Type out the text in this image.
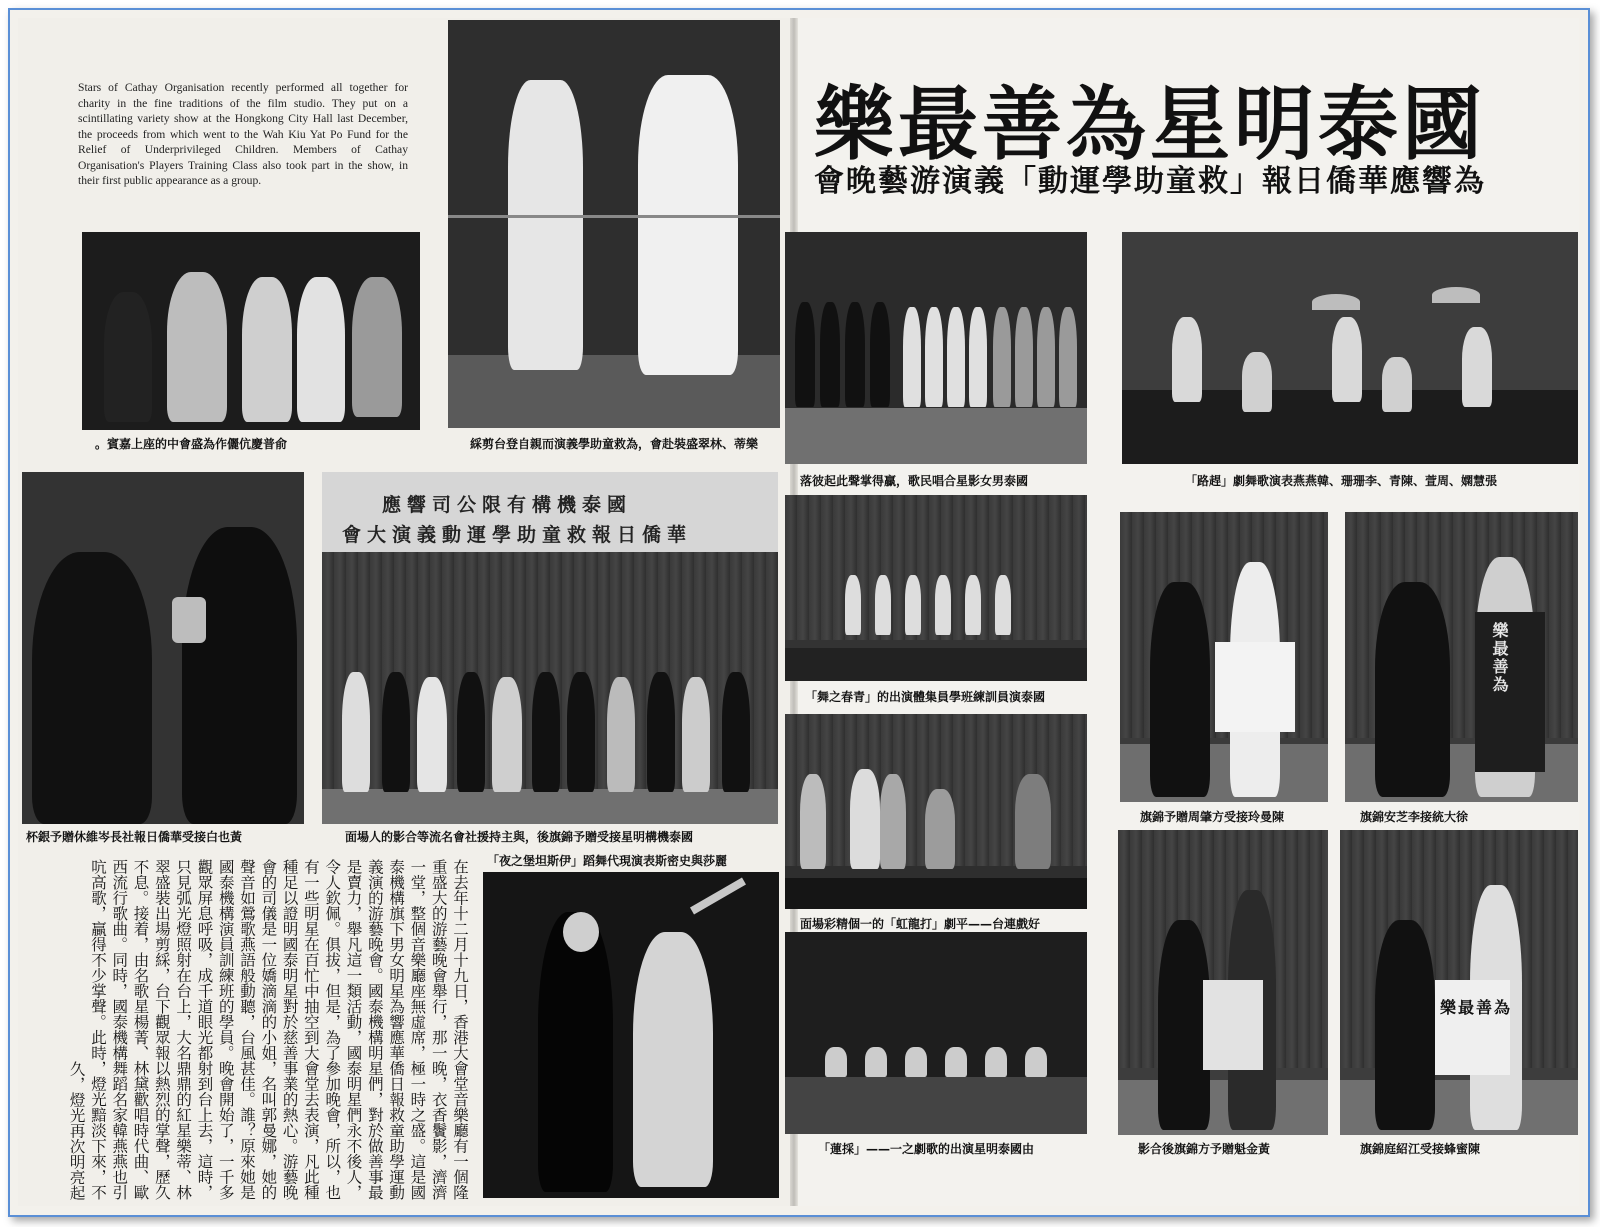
Stars of Cathay Organisation recently performed all together for charity in the fine traditions of the film studio. They put on a scintillating variety show at the Hongkong City Hall last December, the proceeds from which went to the Wah Kiu Yat Po Fund for the Relief of Underprivileged Children. Members of Cathay Organisation's Players Training Class also took part in the show, in their first public appearance as a group.
俞普慶伉儷作為盛會中的座上嘉賓。	樂蒂、林翠盛裝赴會，為救童助學義演而親自登台剪綵
黃也白接受華僑日報社長岑維休贈予銀杯
國泰機構有限公司響應
華僑日報救童助學運動義演大會
國泰機構明星接受贈予錦旗後，與主持援社會名流等合影的人場面
麗莎與史密斯表演現代舞蹈「伊斯坦堡之夜」
在去年十二月十九日，香港大會堂音樂廳有一個隆重盛大的游藝晚會舉行，那一晚，衣香鬢影，濟濟一堂，整個音樂廳座無虛席，極一時之盛。這是國泰機構旗下男女明星為響應華僑日報救童助學運動義演的游藝晚會。國泰機構明星們，對於做善事最是賣力，舉凡這一類活動，國泰明星們永不後人，令人欽佩。俱拔，但是，為了參加晚會，所以，也有一些明星在百忙中抽空到大會堂去表演，凡此種種足以證明國泰明星對於慈善事業的熱心。游藝晚會的司儀是一位嬌滴滴的小姐，名叫郭曼娜，她的聲音如鶯歌燕語般動聽，台風甚佳。誰？原來她是國泰機構演員訓練班的學員。晚會開始了，一千多觀眾屏息呼吸，成千道眼光都射到台上去，這時，只見弧光燈照射在台上，大名鼎鼎的紅星樂蒂、林翠盛裝出場剪綵，台下觀眾報以熱烈的掌聲，歷久不息。接着，由名歌星楊菁、林黛歡唱時代曲、歐西流行歌曲。同時，國泰機構舞蹈名家韓燕燕也引吭高歌，贏得不少掌聲。此時，燈光黯淡下來，不久，燈光再次明亮起
國泰明星為善最樂
為響應華僑日報「救童助學運動」義演游藝晚會
國泰男女影星合唱民歌，贏得掌聲此起彼落	張慧嫻、周萱、陳青、李珊珊、韓燕燕表演歌舞劇「趕路」
國泰演員訓練班學員集體演出的「青春之舞」
陳曼玲接受方肇周贈予錦旗
為善最樂
徐大統接李芝安錦旗
好戲連台——平劇「打龍虹」的一個精彩場面
由國泰明星演出的歌劇之一——「採蓮」	黃金魁贈予方錦旗後合影
為善最樂
陳蜜蜂接受江紹庭錦旗
